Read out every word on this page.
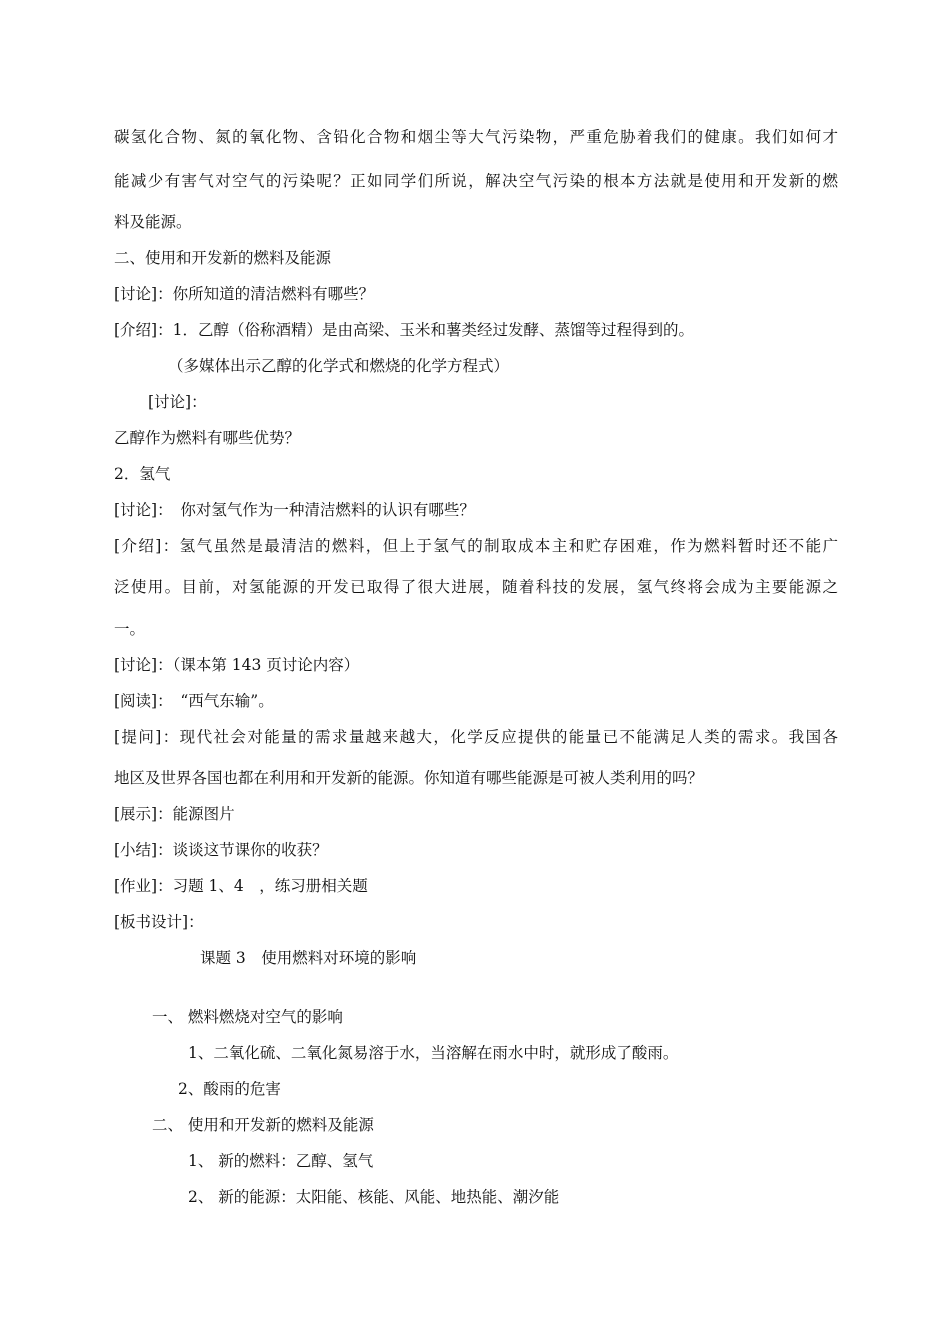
碳氢化合物、氮的氧化物、含铅化合物和烟尘等大气污染物，严重危胁着我们的健康。我们如何才
能减少有害气对空气的污染呢？正如同学们所说，解决空气污染的根本方法就是使用和开发新的燃
料及能源。
二、使用和开发新的燃料及能源
[讨论]：你所知道的清洁燃料有哪些？
[介绍]：1．乙醇（俗称酒精）是由高梁、玉米和薯类经过发酵、蒸馏等过程得到的。
（多媒体出示乙醇的化学式和燃烧的化学方程式）
[讨论]：
乙醇作为燃料有哪些优势？
2．氢气
[讨论]：　你对氢气作为一种清洁燃料的认识有哪些？
[介绍]：氢气虽然是最清洁的燃料，但上于氢气的制取成本主和贮存困难，作为燃料暂时还不能广
泛使用。目前，对氢能源的开发已取得了很大进展，随着科技的发展，氢气终将会成为主要能源之
一。
[讨论]：（课本第 143 页讨论内容）
[阅读]：　“西气东输”。
[提问]：现代社会对能量的需求量越来越大，化学反应提供的能量已不能满足人类的需求。我国各
地区及世界各国也都在利用和开发新的能源。你知道有哪些能源是可被人类利用的吗？
[展示]：能源图片
[小结]：谈谈这节课你的收获？
[作业]：习题 1、4　，练习册相关题
[板书设计]：
课题 3　使用燃料对环境的影响
一、 燃料燃烧对空气的影响
1、二氧化硫、二氧化氮易溶于水，当溶解在雨水中时，就形成了酸雨。
2、酸雨的危害
二、 使用和开发新的燃料及能源
1、 新的燃料：乙醇、氢气
2、 新的能源：太阳能、核能、风能、地热能、潮汐能
